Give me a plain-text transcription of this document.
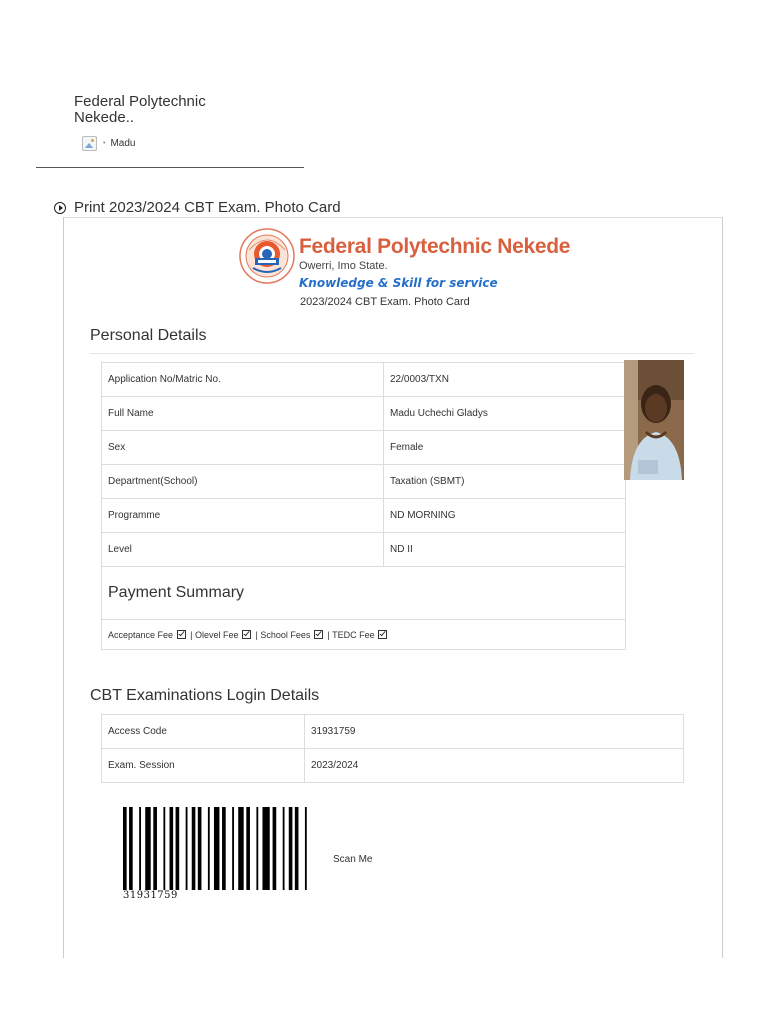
Federal Polytechnic Nekede..
• Madu
Print 2023/2024 CBT Exam. Photo Card
Federal Polytechnic Nekede
Owerri, Imo State.
Knowledge & Skill for service
2023/2024 CBT Exam. Photo Card
Personal Details
Application No/Matric No.	22/0003/TXN
Full Name	Madu Uchechi Gladys
Sex	Female
Department(School)	Taxation (SBMT)
Programme	ND MORNING
Level	ND II
Payment Summary	
Acceptance Fee | Olevel Fee | School Fees | TEDC Fee	
CBT Examinations Login Details
Access Code	31931759
Exam. Session	2023/2024
31931759
Scan Me
